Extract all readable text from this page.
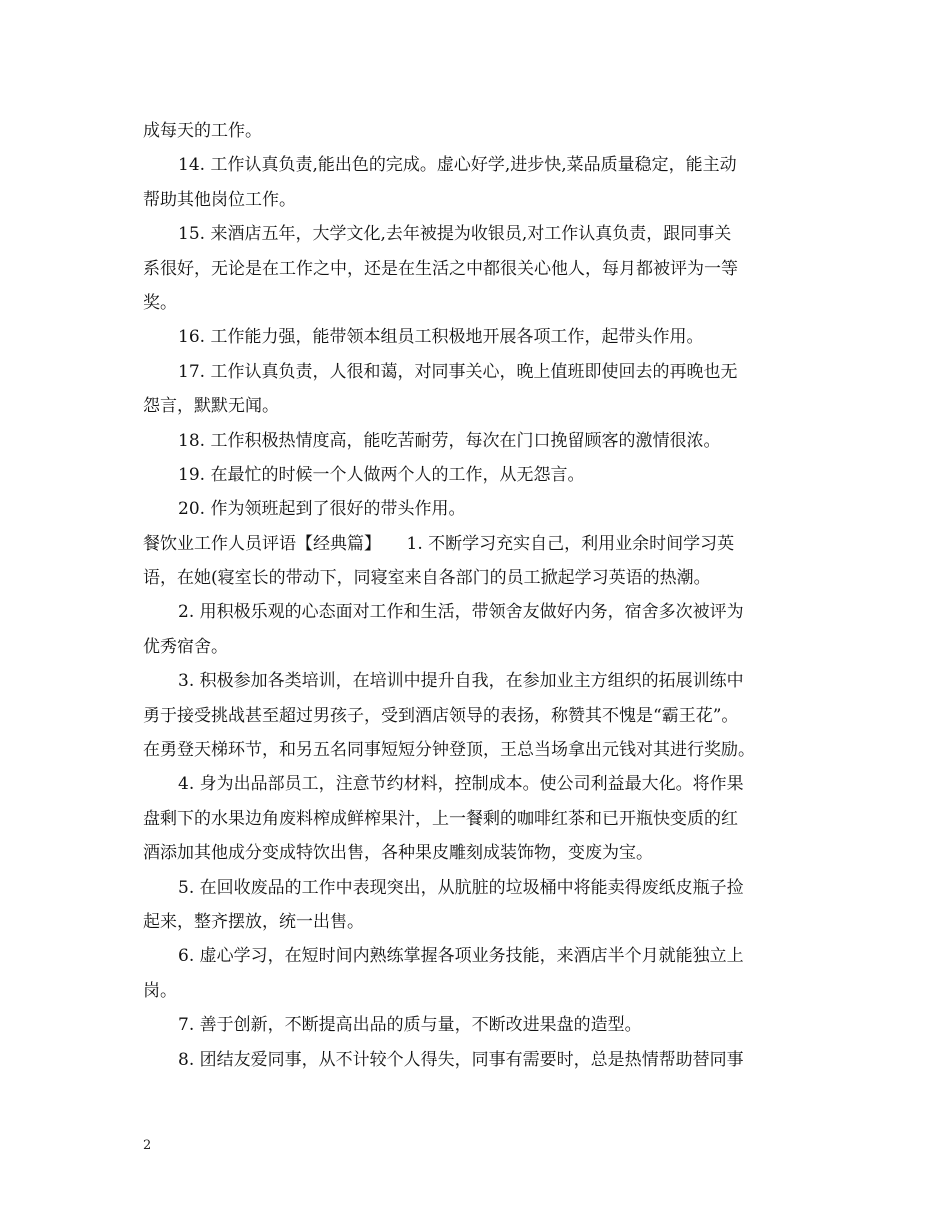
成每天的工作。
14. 工作认真负责,能出色的完成。虚心好学,进步快,菜品质量稳定，能主动
帮助其他岗位工作。
15. 来酒店五年，大学文化,去年被提为收银员,对工作认真负责，跟同事关
系很好，无论是在工作之中，还是在生活之中都很关心他人，每月都被评为一等
奖。
16. 工作能力强，能带领本组员工积极地开展各项工作，起带头作用。
17. 工作认真负责，人很和蔼，对同事关心，晚上值班即使回去的再晚也无
怨言，默默无闻。
18. 工作积极热情度高，能吃苦耐劳，每次在门口挽留顾客的激情很浓。
19. 在最忙的时候一个人做两个人的工作，从无怨言。
20. 作为领班起到了很好的带头作用。
餐饮业工作人员评语【经典篇】　　1. 不断学习充实自己，利用业余时间学习英
语，在她(寝室长的带动下，同寝室来自各部门的员工掀起学习英语的热潮。
2. 用积极乐观的心态面对工作和生活，带领舍友做好内务，宿舍多次被评为
优秀宿舍。
3. 积极参加各类培训，在培训中提升自我，在参加业主方组织的拓展训练中
勇于接受挑战甚至超过男孩子，受到酒店领导的表扬，称赞其不愧是“霸王花”。
在勇登天梯环节，和另五名同事短短分钟登顶，王总当场拿出元钱对其进行奖励。
4. 身为出品部员工，注意节约材料，控制成本。使公司利益最大化。将作果
盘剩下的水果边角废料榨成鲜榨果汁，上一餐剩的咖啡红茶和已开瓶快变质的红
酒添加其他成分变成特饮出售，各种果皮雕刻成装饰物，变废为宝。
5. 在回收废品的工作中表现突出，从肮脏的垃圾桶中将能卖得废纸皮瓶子捡
起来，整齐摆放，统一出售。
6. 虚心学习，在短时间内熟练掌握各项业务技能，来酒店半个月就能独立上
岗。
7. 善于创新，不断提高出品的质与量，不断改进果盘的造型。
8. 团结友爱同事，从不计较个人得失，同事有需要时，总是热情帮助替同事
2
